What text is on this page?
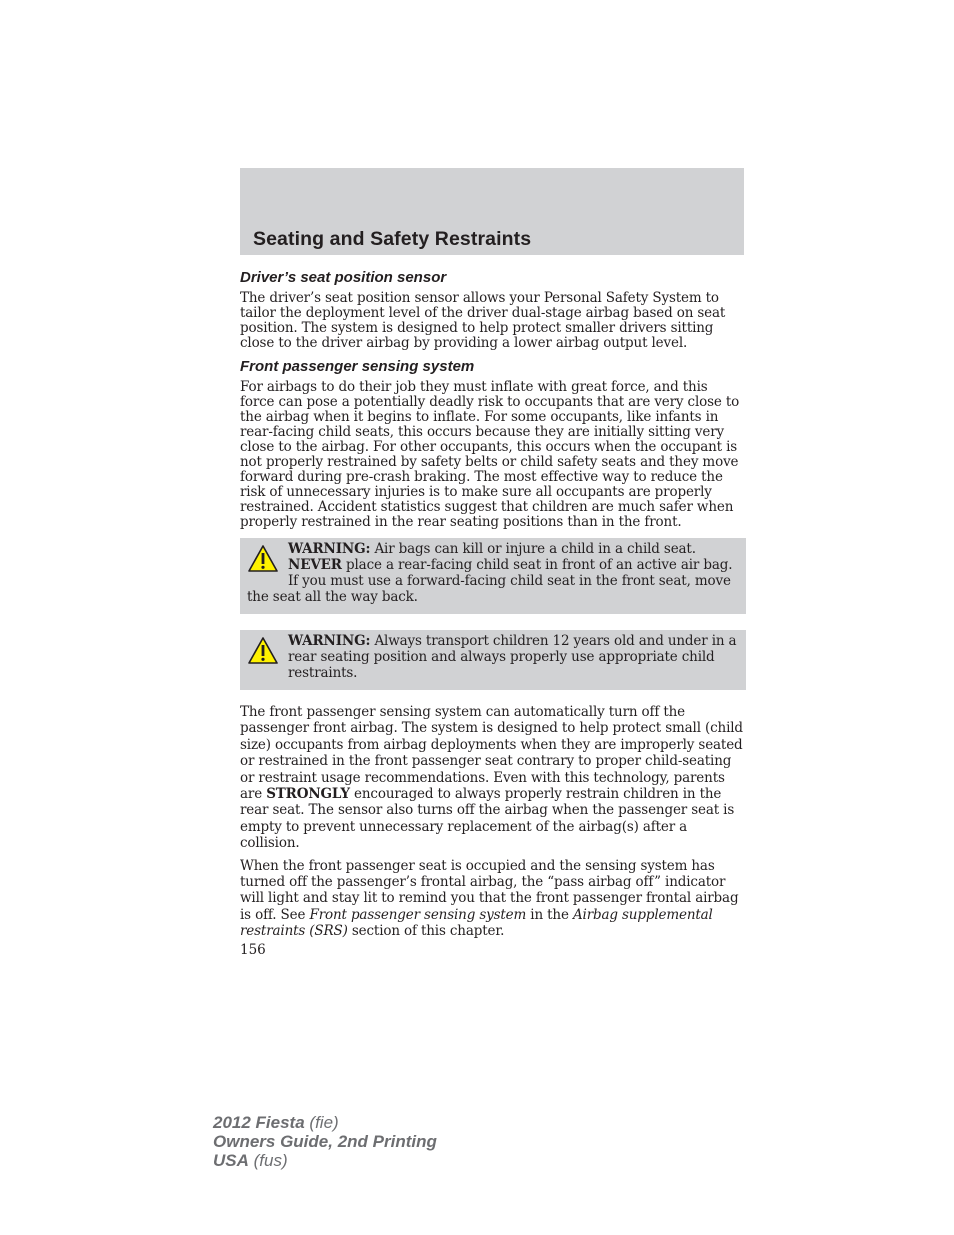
Seating and Safety Restraints
Driver’s seat position sensor

The driver’s seat position sensor allows your Personal Safety System to tailor the deployment level of the driver dual-stage airbag based on seat position. The system is designed to help protect smaller drivers sitting close to the driver airbag by providing a lower airbag output level.

Front passenger sensing system

For airbags to do their job they must inflate with great force, and this force can pose a potentially deadly risk to occupants that are very close to the airbag when it begins to inflate. For some occupants, like infants in rear-facing child seats, this occurs because they are initially sitting very close to the airbag. For other occupants, this occurs when the occupant is not properly restrained by safety belts or child safety seats and they move forward during pre-crash braking. The most effective way to reduce the risk of unnecessary injuries is to make sure all occupants are properly restrained. Accident statistics suggest that children are much safer when properly restrained in the rear seating positions than in the front.

WARNING: Air bags can kill or injure a child in a child seat. NEVER place a rear-facing child seat in front of an active air bag. If you must use a forward-facing child seat in the front seat, move the seat all the way back.
WARNING: Always transport children 12 years old and under in a rear seating position and always properly use appropriate child restraints.

The front passenger sensing system can automatically turn off the passenger front airbag. The system is designed to help protect small (child size) occupants from airbag deployments when they are improperly seated or restrained in the front passenger seat contrary to proper child-seating or restraint usage recommendations. Even with this technology, parents are STRONGLY encouraged to always properly restrain children in the rear seat. The sensor also turns off the airbag when the passenger seat is empty to prevent unnecessary replacement of the airbag(s) after a collision.

When the front passenger seat is occupied and the sensing system has turned off the passenger’s frontal airbag, the “pass airbag off” indicator will light and stay lit to remind you that the front passenger frontal airbag is off. See Front passenger sensing system in the Airbag supplemental restraints (SRS) section of this chapter.

156
2012 Fiesta (fie)
Owners Guide, 2nd Printing
USA (fus)
